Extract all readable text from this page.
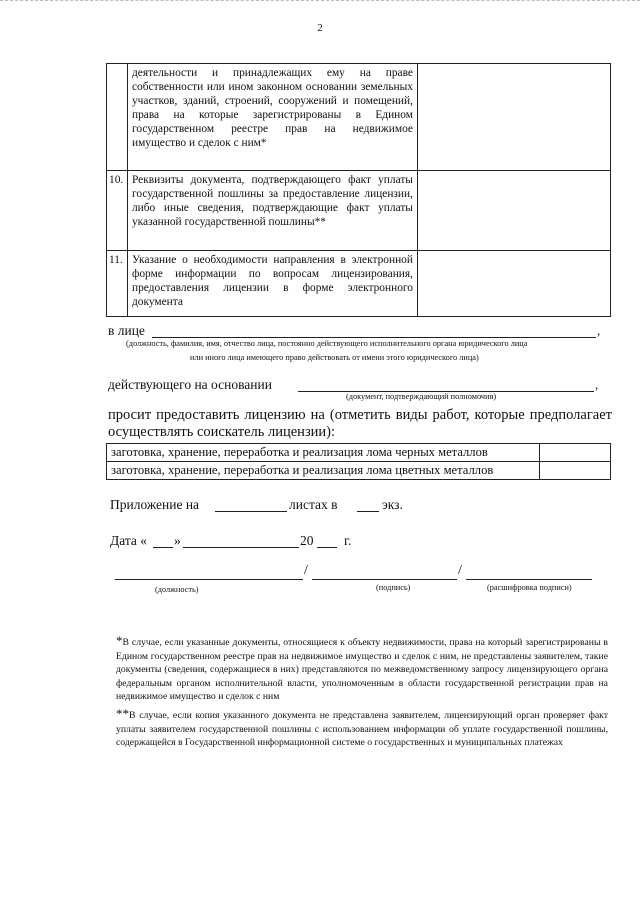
2
	деятельности и принадлежащих ему на праве собственности или ином законном основании земельных участков, зданий, строений, сооружений и помещений, права на которые зарегистрированы в Едином государственном реестре прав на недвижимое имущество и сделок с ним*	
10.	Реквизиты документа, подтверждающего факт уплаты государственной пошлины за предоставление лицензии, либо иные сведения, подтверждающие факт уплаты указанной государственной пошлины**	
11.	Указание о необходимости направления в электронной форме информации по вопросам лицензирования, предоставления лицензии в форме электронного документа	
в лице	,
(должность, фамилия, имя, отчество лица, постоянно действующего исполнительного органа юридического лица
или иного лица имеющего право действовать от имени этого юридического лица)
действующего на основании	,
(документ, подтверждающий полномочия)
просит предоставить лицензию на (отметить виды работ, которые предполагает осуществлять соискатель лицензии):
заготовка, хранение, переработка и реализация лома черных металлов	
заготовка, хранение, переработка и реализация лома цветных металлов	
Приложение на	листах в	экз.
Дата « »	20 г.
/	/
(должность)	(подпись)	(расшифровка подписи)
*В случае, если указанные документы, относящиеся к объекту недвижимости, права на который зарегистрированы в Едином государственном реестре прав на недвижимое имущество и сделок с ним, не представлены заявителем, такие документы (сведения, содержащиеся в них) представляются по межведомственному запросу лицензирующего органа федеральным органом исполнительной власти, уполномоченным в области государственной регистрации прав на недвижимое имущество и сделок с ним
**В случае, если копия указанного документа не представлена заявителем, лицензирующий орган проверяет факт уплаты заявителем государственной пошлины с использованием информации об уплате государственной пошлины, содержащейся в Государственной информационной системе о государственных и муниципальных платежах
